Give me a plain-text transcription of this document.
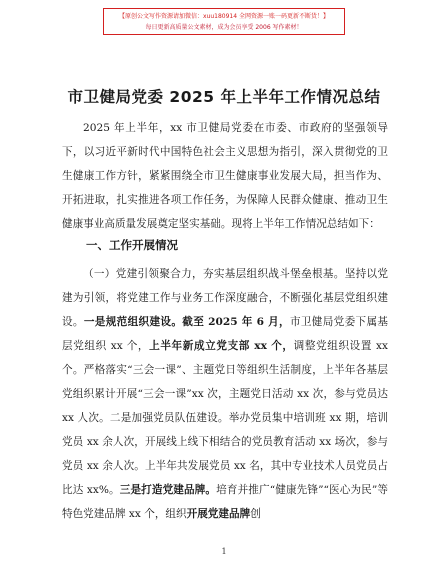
【原创公文写作资源请加微信：xuu180914 全网资源一账一码更新不断货！】
每日更新高质量公文素材，成为会员享受 2006 写作素材！
市卫健局党委 2025 年上半年工作情况总结
2025 年上半年，xx 市卫健局党委在市委、市政府的坚强领导下，以习近平新时代中国特色社会主义思想为指引，深入贯彻党的卫生健康工作方针，紧紧围绕全市卫生健康事业发展大局，担当作为、开拓进取，扎实推进各项工作任务，为保障人民群众健康、推动卫生健康事业高质量发展奠定坚实基础。现将上半年工作情况总结如下：
一、工作开展情况
（一）党建引领聚合力，夯实基层组织战斗堡垒根基。坚持以党建为引领，将党建工作与业务工作深度融合，不断强化基层党组织建设。一是规范组织建设。截至 2025 年 6 月，市卫健局党委下属基层党组织 xx 个，上半年新成立党支部 xx 个，调整党组织设置 xx 个。严格落实“三会一课”、主题党日等组织生活制度，上半年各基层党组织累计开展“三会一课”xx 次，主题党日活动 xx 次，参与党员达 xx 人次。二是加强党员队伍建设。举办党员集中培训班 xx 期，培训党员 xx 余人次，开展线上线下相结合的党员教育活动 xx 场次，参与党员 xx 余人次。上半年共发展党员 xx 名，其中专业技术人员党员占比达 xx%。三是打造党建品牌。培育并推广“健康先锋”“医心为民”等特色党建品牌 xx 个，组织开展党建品牌创
1
